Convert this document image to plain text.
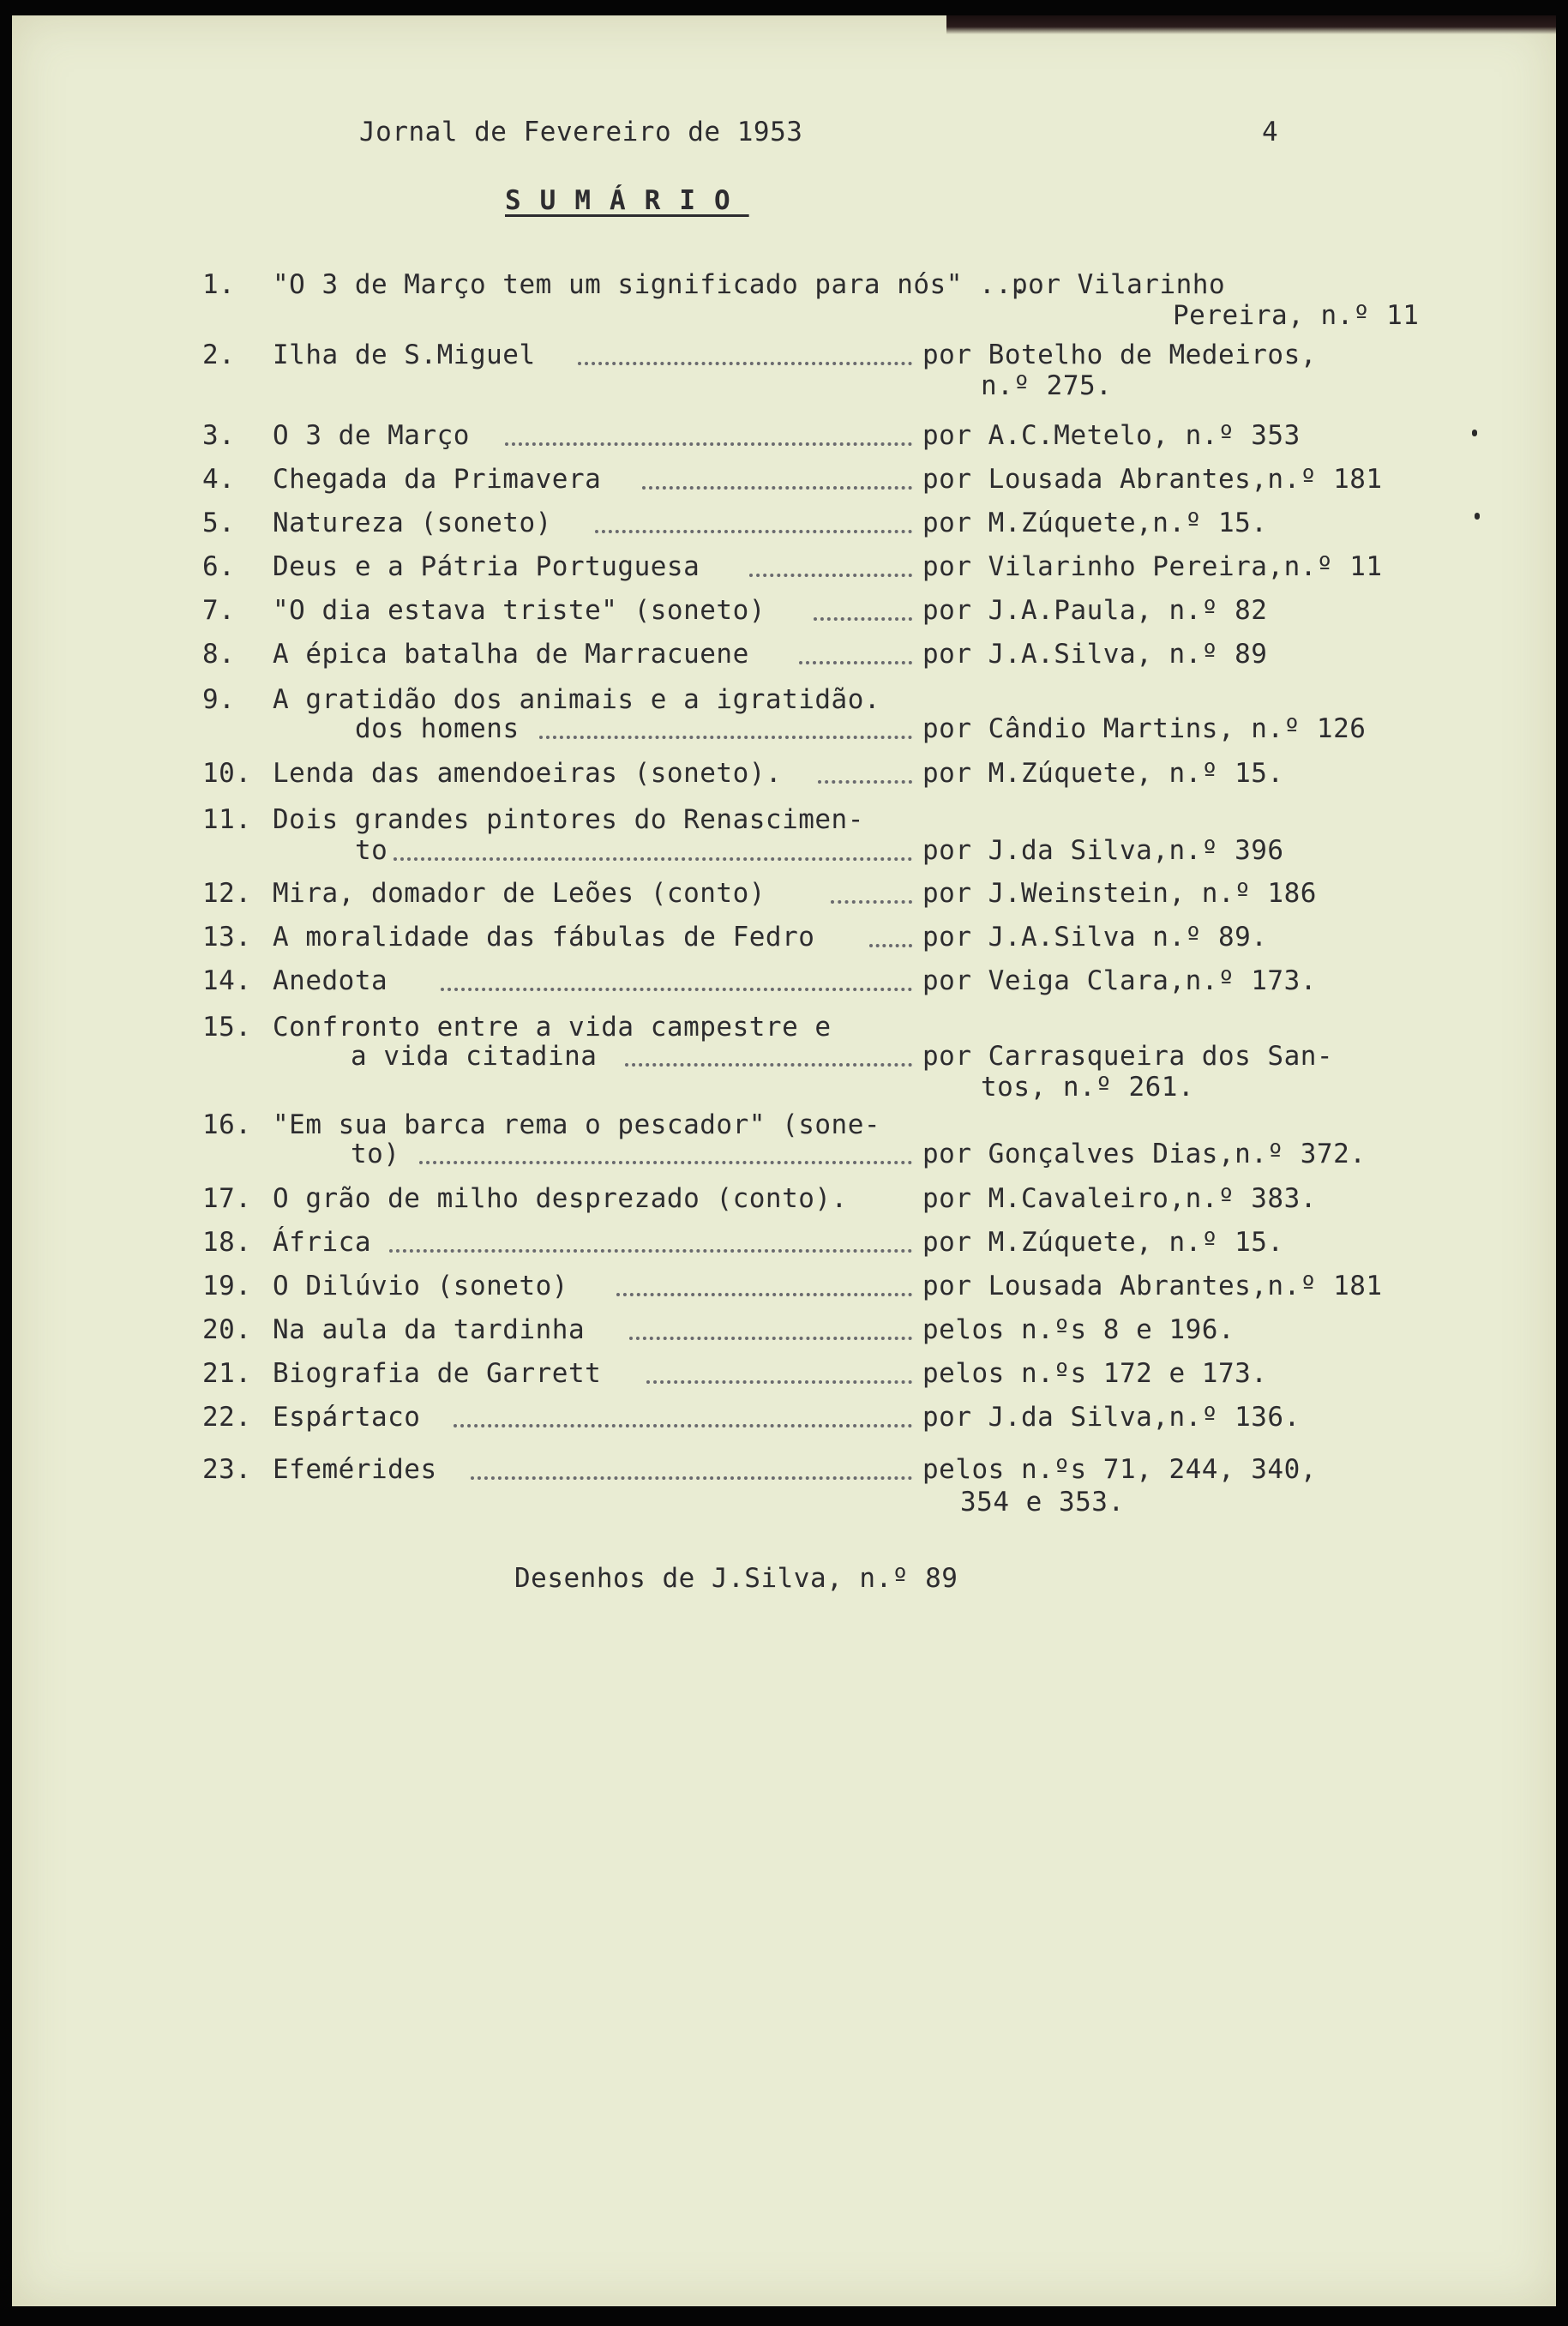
Jornal de Fevereiro de 1953	4
SUMÁRIO
1.	"O 3 de Março tem um significado para nós" ...
por Vilarinho
Pereira, n.º 11
2.	Ilha de S.Miguel	por Botelho de Medeiros,
n.º 275.
3.	O 3 de Março	por A.C.Metelo, n.º 353
4.	Chegada da Primavera	por Lousada Abrantes,n.º 181
5.	Natureza (soneto)	por M.Zúquete,n.º 15.
6.	Deus e a Pátria Portuguesa	por Vilarinho Pereira,n.º 11
7.	"O dia estava triste" (soneto)	por J.A.Paula, n.º 82
8.	A épica batalha de Marracuene	por J.A.Silva, n.º 89
9.	A gratidão dos animais e a igratidão.
dos homens	por Cândio Martins, n.º 126
10. Lenda das amendoeiras (soneto).	por M.Zúquete, n.º 15.
11. Dois grandes pintores do Renascimen-
to	por J.da Silva,n.º 396
12. Mira, domador de Leões (conto)	por J.Weinstein, n.º 186
13. A moralidade das fábulas de Fedro	por J.A.Silva n.º 89.
14. Anedota	por Veiga Clara,n.º 173.
15. Confronto entre a vida campestre e
a vida citadina	por Carrasqueira dos San-
tos, n.º 261.
16. "Em sua barca rema o pescador" (sone-
to)	por Gonçalves Dias,n.º 372.
17. O grão de milho desprezado (conto).	por M.Cavaleiro,n.º 383.
18. África	por M.Zúquete, n.º 15.
19. O Dilúvio (soneto)	por Lousada Abrantes,n.º 181
20. Na aula da tardinha	pelos n.ºs 8 e 196.
21. Biografia de Garrett	pelos n.ºs 172 e 173.
22. Espártaco	por J.da Silva,n.º 136.
23. Efemérides	pelos n.ºs 71, 244, 340,
354 e 353.
Desenhos de J.Silva, n.º 89
